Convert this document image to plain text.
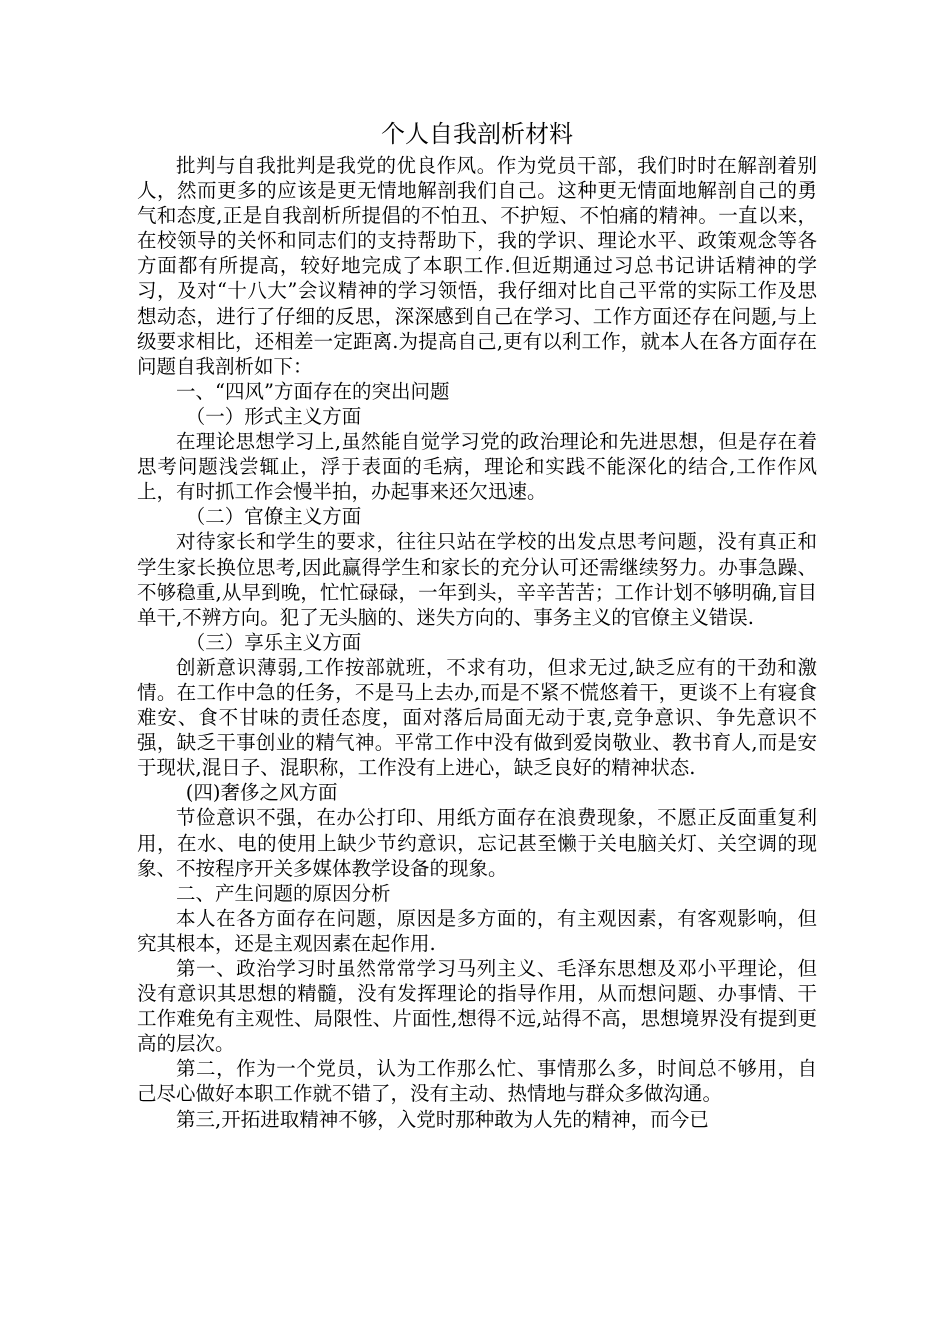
个人自我剖析材料

批判与自我批判是我党的优良作风。作为党员干部，我们时时在解剖着别人，然而更多的应该是更无情地解剖我们自己。这种更无情面地解剖自己的勇气和态度,正是自我剖析所提倡的不怕丑、不护短、不怕痛的精神。一直以来，在校领导的关怀和同志们的支持帮助下，我的学识、理论水平、政策观念等各方面都有所提高，较好地完成了本职工作.但近期通过习总书记讲话精神的学习，及对“十八大”会议精神的学习领悟，我仔细对比自己平常的实际工作及思想动态，进行了仔细的反思，深深感到自己在学习、工作方面还存在问题,与上级要求相比，还相差一定距离.为提高自己,更有以利工作，就本人在各方面存在问题自我剖析如下：

一、“四风”方面存在的突出问题

（一）形式主义方面

在理论思想学习上,虽然能自觉学习党的政治理论和先进思想，但是存在着思考问题浅尝辄止，浮于表面的毛病，理论和实践不能深化的结合,工作作风上，有时抓工作会慢半拍，办起事来还欠迅速。

（二）官僚主义方面

对待家长和学生的要求，往往只站在学校的出发点思考问题，没有真正和学生家长换位思考,因此赢得学生和家长的充分认可还需继续努力。办事急躁、不够稳重,从早到晚，忙忙碌碌，一年到头，辛辛苦苦；工作计划不够明确,盲目单干,不辨方向。犯了无头脑的、迷失方向的、事务主义的官僚主义错误.

（三）享乐主义方面

创新意识薄弱,工作按部就班，不求有功，但求无过,缺乏应有的干劲和激情。在工作中急的任务，不是马上去办,而是不紧不慌悠着干，更谈不上有寝食难安、食不甘味的责任态度，面对落后局面无动于衷,竞争意识、争先意识不强，缺乏干事创业的精气神。平常工作中没有做到爱岗敬业、教书育人,而是安于现状,混日子、混职称，工作没有上进心，缺乏良好的精神状态.

(四)奢侈之风方面

节俭意识不强，在办公打印、用纸方面存在浪费现象，不愿正反面重复利用，在水、电的使用上缺少节约意识，忘记甚至懒于关电脑关灯、关空调的现象、不按程序开关多媒体教学设备的现象。

二、产生问题的原因分析

本人在各方面存在问题，原因是多方面的，有主观因素，有客观影响，但究其根本，还是主观因素在起作用.

第一、政治学习时虽然常常学习马列主义、毛泽东思想及邓小平理论，但没有意识其思想的精髓，没有发挥理论的指导作用，从而想问题、办事情、干工作难免有主观性、局限性、片面性,想得不远,站得不高，思想境界没有提到更高的层次。

第二，作为一个党员，认为工作那么忙、事情那么多，时间总不够用，自己尽心做好本职工作就不错了，没有主动、热情地与群众多做沟通。

第三,开拓进取精神不够，入党时那种敢为人先的精神，而今已
